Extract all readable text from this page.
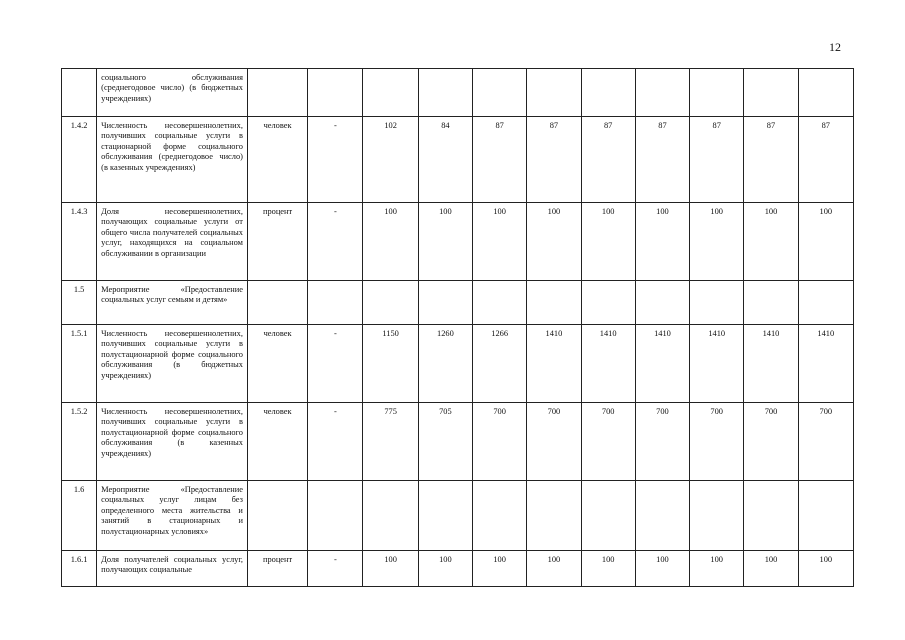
12
	социального обслуживания (среднегодовое число) (в бюджетных учреждениях)											
1.4.2	Численность несовершеннолетних, получивших социальные услуги в стационарной форме социального обслуживания (среднегодовое число) (в казенных учреждениях)	человек	-	102	84	87	87	87	87	87	87	87
1.4.3	Доля несовершеннолетних, получающих социальные услуги от общего числа получателей социальных услуг, находящихся на социальном обслуживании в организации	процент	-	100	100	100	100	100	100	100	100	100
1.5	Мероприятие «Предоставление социальных услуг семьям и детям»											
1.5.1	Численность несовершеннолетних, получивших социальные услуги в полустационарной форме социального обслуживания (в бюджетных учреждениях)	человек	-	1150	1260	1266	1410	1410	1410	1410	1410	1410
1.5.2	Численность несовершеннолетних, получивших социальные услуги в полустационарной форме социального обслуживания (в казенных учреждениях)	человек	-	775	705	700	700	700	700	700	700	700
1.6	Мероприятие «Предоставление социальных услуг лицам без определенного места жительства и занятий в стационарных и полустационарных условиях»											
1.6.1	Доля получателей социальных услуг, получающих социальные	процент	-	100	100	100	100	100	100	100	100	100
